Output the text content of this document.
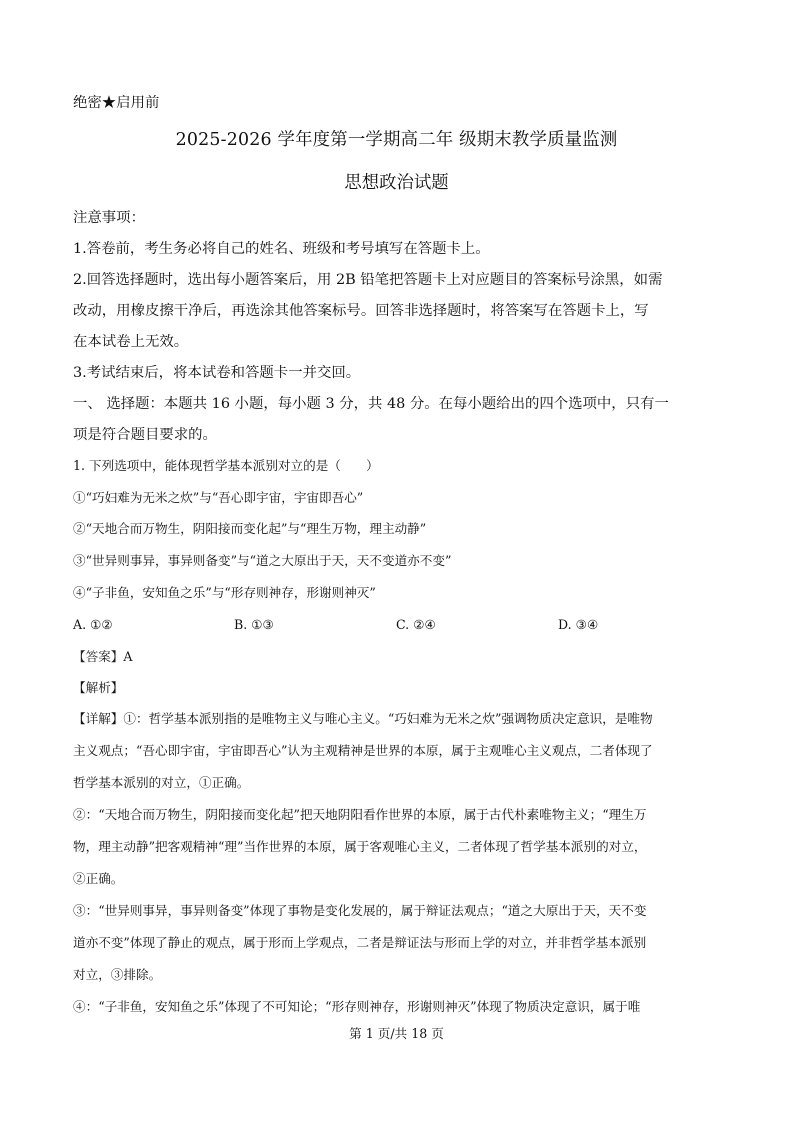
绝密★启用前
2025-2026 学年度第一学期高二年 级期末教学质量监测
思想政治试题
注意事项：
1.答卷前，考生务必将自己的姓名、班级和考号填写在答题卡上。
2.回答选择题时，选出每小题答案后，用 2B 铅笔把答题卡上对应题目的答案标号涂黑，如需
改动，用橡皮擦干净后，再选涂其他答案标号。回答非选择题时，将答案写在答题卡上，写
在本试卷上无效。
3.考试结束后，将本试卷和答题卡一并交回。
一、 选择题：本题共 16 小题，每小题 3 分，共 48 分。在每小题给出的四个选项中，只有一
项是符合题目要求的。
1. 下列选项中，能体现哲学基本派别对立的是（　　）
①“巧妇难为无米之炊”与“吾心即宇宙，宇宙即吾心”
②“天地合而万物生，阴阳接而变化起”与“理生万物，理主动静”
③“世异则事异，事异则备变”与“道之大原出于天，天不变道亦不变”
④“子非鱼，安知鱼之乐”与“形存则神存，形谢则神灭”
A. ①②	B. ①③	C. ②④	D. ③④
【答案】A
【解析】
【详解】①：哲学基本派别指的是唯物主义与唯心主义。“巧妇难为无米之炊”强调物质决定意识，是唯物
主义观点；“吾心即宇宙，宇宙即吾心”认为主观精神是世界的本原，属于主观唯心主义观点，二者体现了
哲学基本派别的对立，①正确。
②：“天地合而万物生，阴阳接而变化起”把天地阴阳看作世界的本原，属于古代朴素唯物主义；“理生万
物，理主动静”把客观精神“理”当作世界的本原，属于客观唯心主义，二者体现了哲学基本派别的对立，
②正确。
③：“世异则事异，事异则备变”体现了事物是变化发展的，属于辩证法观点；“道之大原出于天，天不变
道亦不变”体现了静止的观点，属于形而上学观点，二者是辩证法与形而上学的对立，并非哲学基本派别
对立，③排除。
④：“子非鱼，安知鱼之乐”体现了不可知论；“形存则神存，形谢则神灭”体现了物质决定意识，属于唯
第 1 页/共 18 页
